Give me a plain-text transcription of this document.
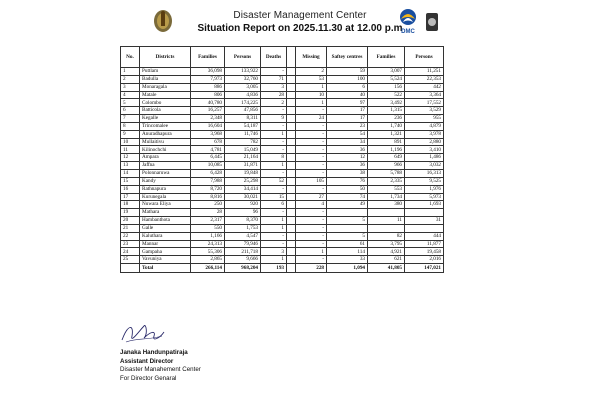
Disaster Management Center
Situation Report on 2025.11.30 at 12.00 p.m
DMC
No.	Districts	Families	Persons	Deaths		Missing	Saftey centres	Families	Persons
1	Puttlam	36,098	133,922	-		2	59	3,007	11,251
2	Badulla	7,973	32,760	71		53	100	5,524	22,353
3	Monaragala	886	3,005	3		1	6	156	442
4	Matale	806	4,836	28		10	40	522	3,364
5	Colombo	40,780	174,225	2		1	97	3,492	17,552
6	Batticola	16,257	47,856	-		-	17	1,315	3,529
7	Kegalle	2,348	8,311	9		24	17	236	955
8	Trincomalee	16,604	54,187	-		-	23	1,740	4,879
9	Anuradhapura	3,968	11,746	1		-	54	1,321	3,978
10	Mullaitivu	678	782	-		-	34	891	2,880
11	Kilinochchi	4,781	15,049	-		-	36	1,196	3,410
12	Ampara	6,445	21,164	8		-	12	649	1,486
13	Jaffna	10,085	31,871	1		-	36	966	3,032
14	Polonnaruwa	6,428	19,848	-		-	38	5,788	16,313
15	Kandy	7,988	25,298	52		105	76	2,335	9,525
16	Rathnapura	8,720	34,414	-		-	50	553	1,976
17	Kurunegala	8,816	30,021	15		27	74	1,734	5,973
18	Nuwara Eliya	250	920	6		4	49	380	1,693
19	Mathara	28	96	-		-			
20	Hambanthota	2,317	8,370	1		-	5	11	31
21	Galle	550	1,753	1		-			
22	Kaluthara	1,166	4,547	-		-	5	82	444
23	Mannar	24,313	79,946	-		-	61	3,795	11,877
24	Gampaha	55,306	211,718	3		1	114	4,921	19,458
25	Vavuniya	2,865	9,666	1		-	33	621	2,016
	Total	266,114	968,204	193		228	1,094	41,805	147,021
Janaka Handunpatiraja
Assistant Director
Disaster Manahement Center
For Director Genaral
